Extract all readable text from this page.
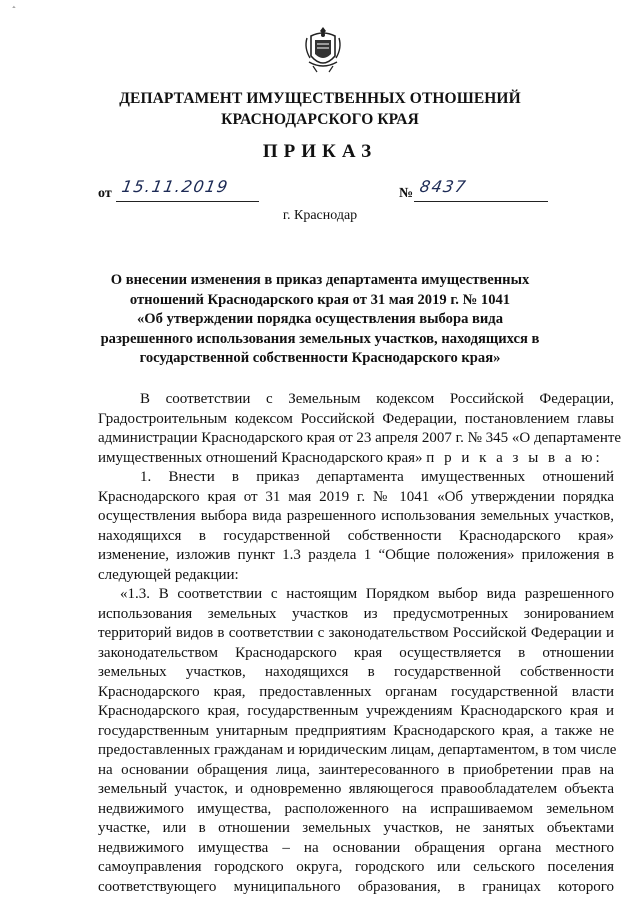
ДЕПАРТАМЕНТ ИМУЩЕСТВЕННЫХ ОТНОШЕНИЙ
КРАСНОДАРСКОГО КРАЯ
ПРИКАЗ
от 15.11.2019	№ 8437
г. Краснодар
О внесении изменения в приказ департамента имущественных
отношений Краснодарского края от 31 мая 2019 г. № 1041
«Об утверждении порядка осуществления выбора вида
разрешенного использования земельных участков, находящихся в
государственной собственности Краснодарского края»
В соответствии с Земельным кодексом Российской Федерации,
Градостроительным кодексом Российской Федерации, постановлением главы
администрации Краснодарского края от 23 апреля 2007 г. № 345 «О департаменте
имущественных отношений Краснодарского края» п р и к а з ы в а ю:
1. Внести в приказ департамента имущественных отношений
Краснодарского края от 31 мая 2019 г. № 1041 «Об утверждении порядка
осуществления выбора вида разрешенного использования земельных участков,
находящихся в государственной собственности Краснодарского края»
изменение, изложив пункт 1.3 раздела 1 “Общие положения» приложения в
следующей редакции:
«1.3. В соответствии с настоящим Порядком выбор вида разрешенного
использования земельных участков из предусмотренных зонированием
территорий видов в соответствии с законодательством Российской Федерации и
законодательством Краснодарского края осуществляется в отношении
земельных участков, находящихся в государственной собственности
Краснодарского края, предоставленных органам государственной власти
Краснодарского края, государственным учреждениям Краснодарского края и
государственным унитарным предприятиям Краснодарского края, а также не
предоставленных гражданам и юридическим лицам, департаментом, в том числе
на основании обращения лица, заинтересованного в приобретении прав на
земельный участок, и одновременно являющегося правообладателем объекта
недвижимого имущества, расположенного на испрашиваемом земельном
участке, или в отношении земельных участков, не занятых объектами
недвижимого имущества – на основании обращения органа местного
самоуправления городского округа, городского или сельского поселения
соответствующего муниципального образования, в границах которого
